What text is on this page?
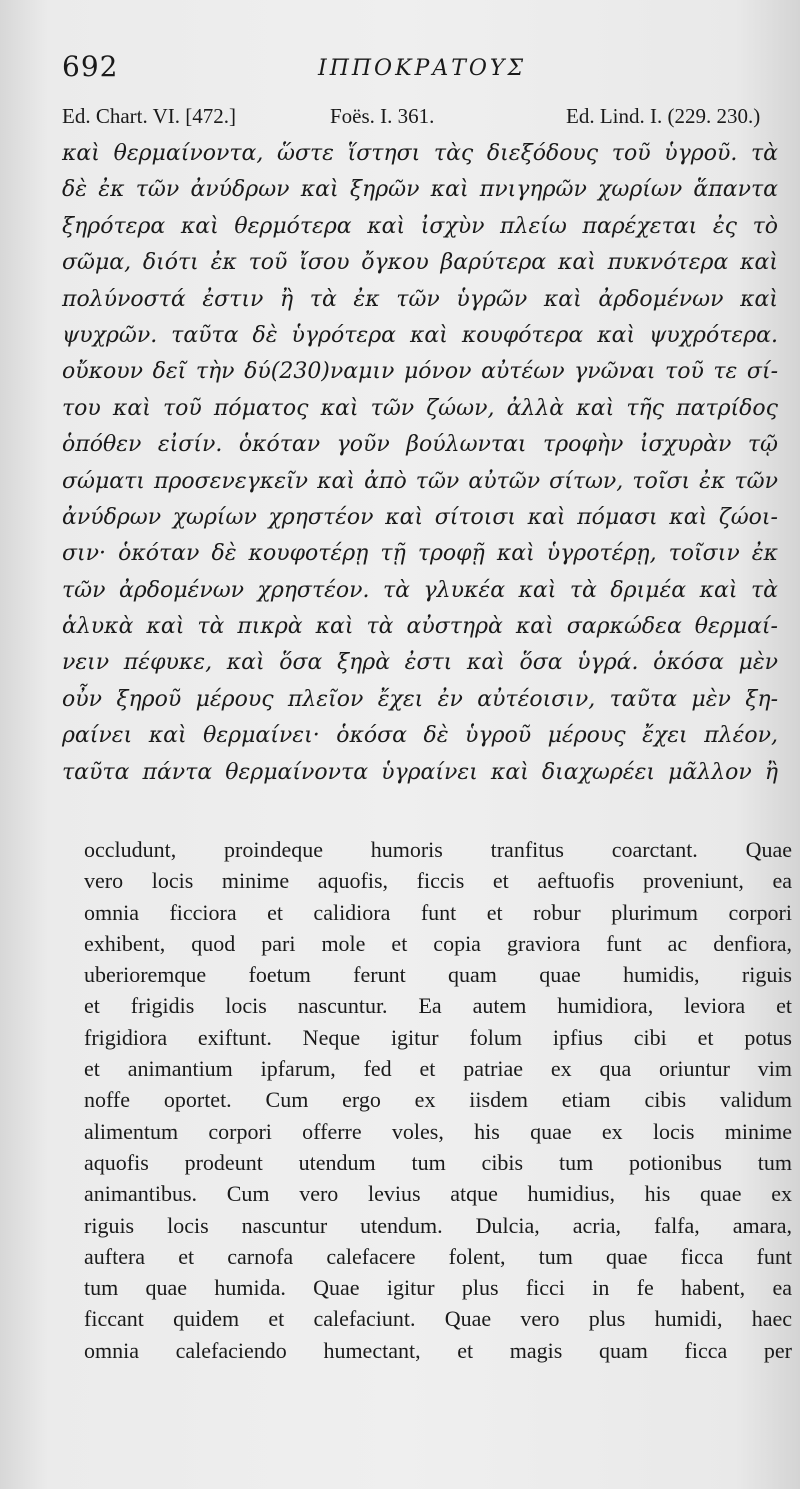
692	ΙΠΠΟΚΡΑΤΟΥΣ
Ed. Chart. VI. [472.]	Foës. I. 361.	Ed. Lind. I. (229. 230.)
καὶ θερμαίνοντα, ὥστε ἵστησι τὰς διεξόδους τοῦ ὑγροῦ. τὰ
δὲ ἐκ τῶν ἀνύδρων καὶ ξηρῶν καὶ πνιγηρῶν χωρίων ἅπαντα
ξηρότερα καὶ θερμότερα καὶ ἰσχὺν πλείω παρέχεται ἐς τὸ
σῶμα, διότι ἐκ τοῦ ἴσου ὄγκου βαρύτερα καὶ πυκνότερα καὶ
πολύνοστά ἐστιν ἢ τὰ ἐκ τῶν ὑγρῶν καὶ ἀρδομένων καὶ
ψυχρῶν. ταῦτα δὲ ὑγρότερα καὶ κουφότερα καὶ ψυχρότερα.
οὔκουν δεῖ τὴν δύ(230)ναμιν μόνον αὐτέων γνῶναι τοῦ τε σί-
του καὶ τοῦ πόματος καὶ τῶν ζώων, ἀλλὰ καὶ τῆς πατρίδος
ὁπόθεν εἰσίν. ὁκόταν γοῦν βούλωνται τροφὴν ἰσχυρὰν τῷ
σώματι προσενεγκεῖν καὶ ἀπὸ τῶν αὐτῶν σίτων, τοῖσι ἐκ τῶν
ἀνύδρων χωρίων χρηστέον καὶ σίτοισι καὶ πόμασι καὶ ζώοι-
σιν· ὁκόταν δὲ κουφοτέρῃ τῇ τροφῇ καὶ ὑγροτέρῃ, τοῖσιν ἐκ
τῶν ἀρδομένων χρηστέον. τὰ γλυκέα καὶ τὰ δριμέα καὶ τὰ
ἁλυκὰ καὶ τὰ πικρὰ καὶ τὰ αὐστηρὰ καὶ σαρκώδεα θερμαί-
νειν πέφυκε, καὶ ὅσα ξηρὰ ἐστι καὶ ὅσα ὑγρά. ὁκόσα μὲν
οὖν ξηροῦ μέρους πλεῖον ἔχει ἐν αὐτέοισιν, ταῦτα μὲν ξη-
ραίνει καὶ θερμαίνει· ὁκόσα δὲ ὑγροῦ μέρους ἔχει πλέον,
ταῦτα πάντα θερμαίνοντα ὑγραίνει καὶ διαχωρέει μᾶλλον ἢ
occludunt, proindeque humoris tranfitus coarctant. Quae
vero locis minime aquofis, ficcis et aeftuofis proveniunt, ea
omnia ficciora et calidiora funt et robur plurimum corpori
exhibent, quod pari mole et copia graviora funt ac denfiora,
uberioremque foetum ferunt quam quae humidis, riguis
et frigidis locis nascuntur. Ea autem humidiora, leviora et
frigidiora exiftunt. Neque igitur folum ipfius cibi et potus
et animantium ipfarum, fed et patriae ex qua oriuntur vim
noffe oportet. Cum ergo ex iisdem etiam cibis validum
alimentum corpori offerre voles, his quae ex locis minime
aquofis prodeunt utendum tum cibis tum potionibus tum
animantibus. Cum vero levius atque humidius, his quae ex
riguis locis nascuntur utendum. Dulcia, acria, falfa, amara,
auftera et carnofa calefacere folent, tum quae ficca funt
tum quae humida. Quae igitur plus ficci in fe habent, ea
ficcant quidem et calefaciunt. Quae vero plus humidi, haec
omnia calefaciendo humectant, et magis quam ficca per
